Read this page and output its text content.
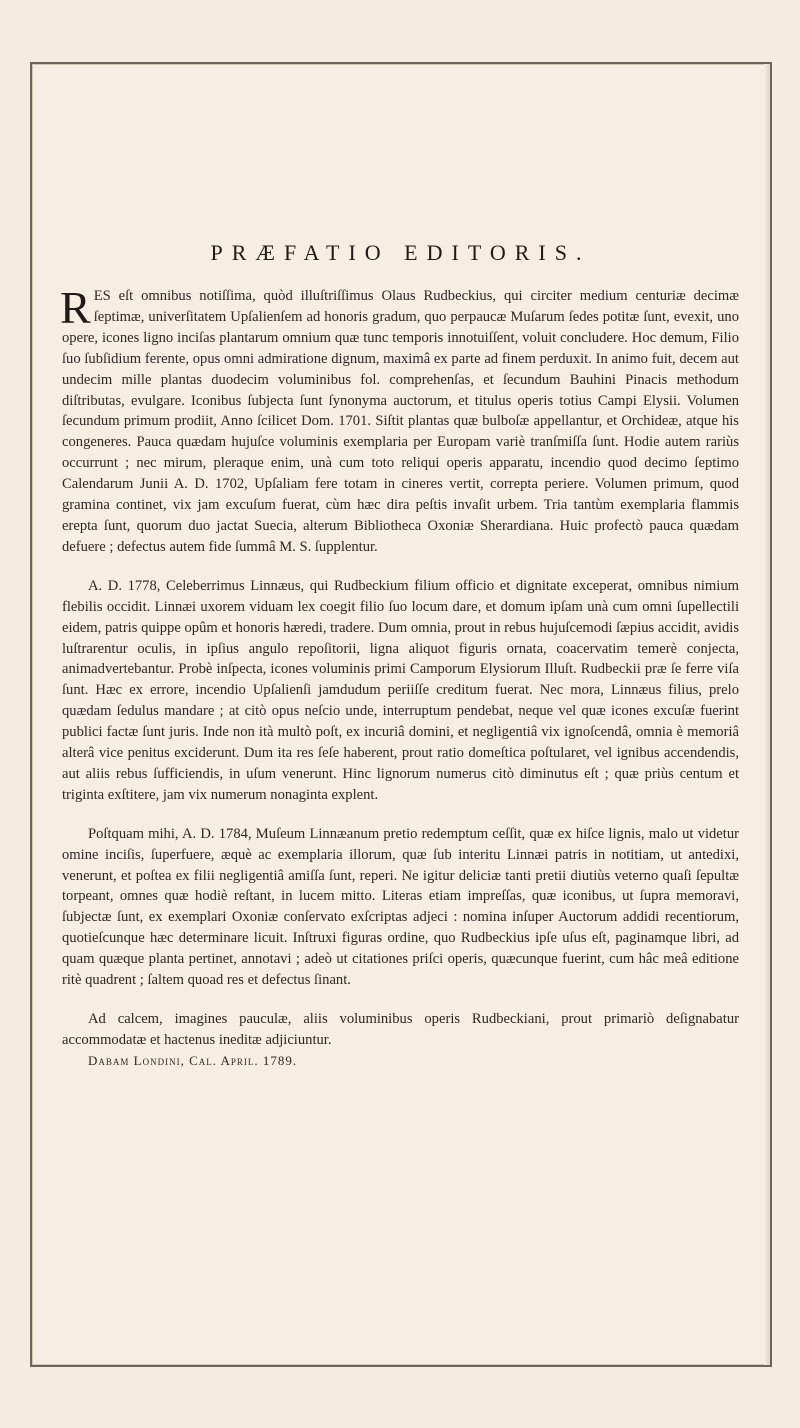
PRÆFATIO EDITORIS.

RES eſt omnibus notiſſima, quòd illuſtriſſimus Olaus Rudbeckius, qui circiter medium centuriæ decimæ ſeptimæ, univerſitatem Upſalienſem ad honoris gradum, quo perpaucæ Muſarum ſedes potitæ ſunt, evexit, uno opere, icones ligno inciſas plantarum omnium quæ tunc temporis innotuiſſent, voluit concludere. Hoc demum, Filio ſuo ſubſidium ferente, opus omni admiratione dignum, maximâ ex parte ad finem perduxit. In animo fuit, decem aut undecim mille plantas duodecim voluminibus fol. comprehenſas, et ſecundum Bauhini Pinacis methodum diſtributas, evulgare. Iconibus ſubjecta ſunt ſynonyma auctorum, et titulus operis totius Campi Elysii. Volumen ſecundum primum prodiit, Anno ſcilicet Dom. 1701. Siſtit plantas quæ bulboſæ appellantur, et Orchideæ, atque his congeneres. Pauca quædam hujuſce voluminis exemplaria per Europam variè tranſmiſſa ſunt. Hodie autem rariùs occurrunt ; nec mirum, pleraque enim, unà cum toto reliqui operis apparatu, incendio quod decimo ſeptimo Calendarum Junii A. D. 1702, Upſaliam fere totam in cineres vertit, correpta periere. Volumen primum, quod gramina continet, vix jam excuſum fuerat, cùm hæc dira peſtis invaſit urbem. Tria tantùm exemplaria flammis erepta ſunt, quorum duo jactat Suecia, alterum Bibliotheca Oxoniæ Sherardiana. Huic profectò pauca quædam defuere ; defectus autem fide ſummâ M. S. ſupplentur.

A. D. 1778, Celeberrimus Linnæus, qui Rudbeckium filium officio et dignitate exceperat, omnibus nimium flebilis occidit. Linnæi uxorem viduam lex coegit filio ſuo locum dare, et domum ipſam unà cum omni ſupellectili eidem, patris quippe opûm et honoris hæredi, tradere. Dum omnia, prout in rebus hujuſcemodi ſæpius accidit, avidis luſtrarentur oculis, in ipſius angulo repoſitorii, ligna aliquot figuris ornata, coacervatim temerè conjecta, animadvertebantur. Probè inſpecta, icones voluminis primi Camporum Elysiorum Illuſt. Rudbeckii præ ſe ferre viſa ſunt. Hæc ex errore, incendio Upſalienſi jamdudum periiſſe creditum fuerat. Nec mora, Linnæus filius, prelo quædam ſedulus mandare ; at citò opus neſcio unde, interruptum pendebat, neque vel quæ icones excuſæ fuerint publici factæ ſunt juris. Inde non ità multò poſt, ex incuriâ domini, et negligentiâ vix ignoſcendâ, omnia è memoriâ alterâ vice penitus exciderunt. Dum ita res ſeſe haberent, prout ratio domeſtica poſtularet, vel ignibus accendendis, aut aliis rebus ſufficiendis, in uſum venerunt. Hinc lignorum numerus citò diminutus eſt ; quæ priùs centum et triginta exſtitere, jam vix numerum nonaginta explent.

Poſtquam mihi, A. D. 1784, Muſeum Linnæanum pretio redemptum ceſſit, quæ ex hiſce lignis, malo ut videtur omine inciſis, ſuperfuere, æquè ac exemplaria illorum, quæ ſub interitu Linnæi patris in notitiam, ut antedixi, venerunt, et poſtea ex filii negligentiâ amiſſa ſunt, reperi. Ne igitur deliciæ tanti pretii diutiùs veterno quaſi ſepultæ torpeant, omnes quæ hodiè reſtant, in lucem mitto. Literas etiam impreſſas, quæ iconibus, ut ſupra memoravi, ſubjectæ ſunt, ex exemplari Oxoniæ conſervato exſcriptas adjeci : nomina inſuper Auctorum addidi recentiorum, quotieſcunque hæc determinare licuit. Inſtruxi figuras ordine, quo Rudbeckius ipſe uſus eſt, paginamque libri, ad quam quæque planta pertinet, annotavi ; adeò ut citationes priſci operis, quæcunque fuerint, cum hâc meâ editione ritè quadrent ; ſaltem quoad res et defectus ſinant.

Ad calcem, imagines pauculæ, aliis voluminibus operis Rudbeckiani, prout primariò deſignabatur accommodatæ et hactenus ineditæ adjiciuntur.

Dabam Londini, Cal. April. 1789.
